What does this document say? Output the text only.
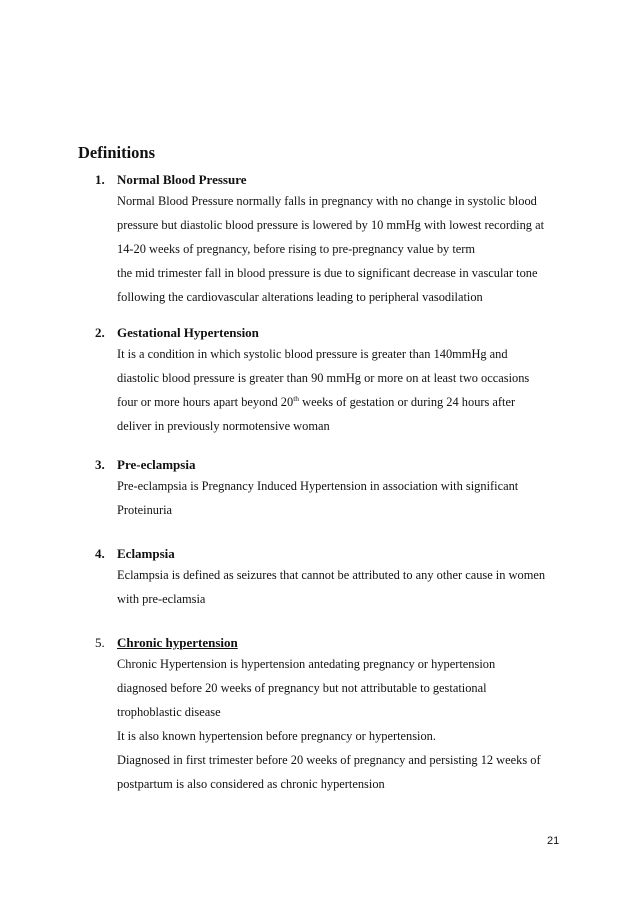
Definitions
1. Normal Blood Pressure
Normal Blood Pressure normally falls in pregnancy with no change in systolic blood
pressure but diastolic blood pressure is lowered by 10 mmHg with lowest recording at
14-20 weeks of pregnancy, before rising to pre-pregnancy value by term
the mid trimester fall in blood pressure is due to significant decrease in vascular tone
following the cardiovascular alterations leading to peripheral vasodilation
2. Gestational Hypertension
It is a condition in which systolic blood pressure is greater than 140mmHg and
diastolic blood pressure is greater than 90 mmHg or more on at least two occasions
four or more hours apart beyond 20th weeks of gestation or during 24 hours after
deliver in previously normotensive woman
3. Pre-eclampsia
Pre-eclampsia is Pregnancy Induced Hypertension in association with significant
Proteinuria
4. Eclampsia
Eclampsia is defined as seizures that cannot be attributed to any other cause in women
with pre-eclamsia
5. Chronic hypertension
Chronic Hypertension is hypertension antedating pregnancy or hypertension
diagnosed before 20 weeks of pregnancy but not attributable to gestational
trophoblastic disease
It is also known hypertension before pregnancy or hypertension.
Diagnosed in first trimester before 20 weeks of pregnancy and persisting 12 weeks of
postpartum is also considered as chronic hypertension
21
